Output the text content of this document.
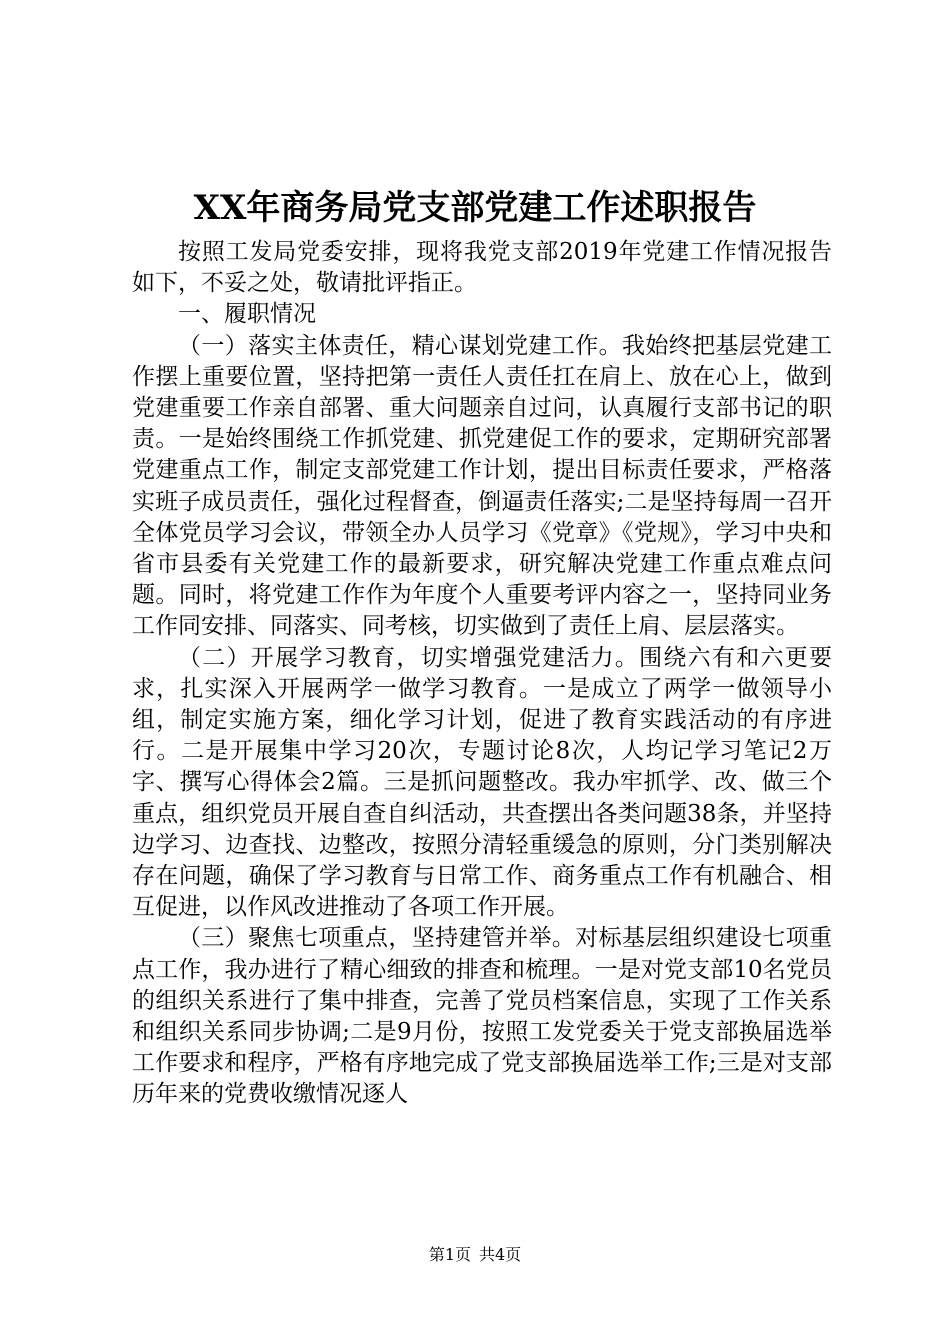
XX年商务局党支部党建工作述职报告

按照工发局党委安排，现将我党支部2019年党建工作情况报告如下，不妥之处，敬请批评指正。

一、履职情况

（一）落实主体责任，精心谋划党建工作。我始终把基层党建工作摆上重要位置，坚持把第一责任人责任扛在肩上、放在心上，做到党建重要工作亲自部署、重大问题亲自过问，认真履行支部书记的职责。一是始终围绕工作抓党建、抓党建促工作的要求，定期研究部署党建重点工作，制定支部党建工作计划，提出目标责任要求，严格落实班子成员责任，强化过程督查，倒逼责任落实;二是坚持每周一召开全体党员学习会议，带领全办人员学习《党章》《党规》，学习中央和省市县委有关党建工作的最新要求，研究解决党建工作重点难点问题。同时，将党建工作作为年度个人重要考评内容之一，坚持同业务工作同安排、同落实、同考核，切实做到了责任上肩、层层落实。

（二）开展学习教育，切实增强党建活力。围绕六有和六更要求，扎实深入开展两学一做学习教育。一是成立了两学一做领导小组，制定实施方案，细化学习计划，促进了教育实践活动的有序进行。二是开展集中学习20次，专题讨论8次，人均记学习笔记2万字、撰写心得体会2篇。三是抓问题整改。我办牢抓学、改、做三个重点，组织党员开展自查自纠活动，共查摆出各类问题38条，并坚持边学习、边查找、边整改，按照分清轻重缓急的原则，分门类别解决存在问题，确保了学习教育与日常工作、商务重点工作有机融合、相互促进，以作风改进推动了各项工作开展。

（三）聚焦七项重点，坚持建管并举。对标基层组织建设七项重点工作，我办进行了精心细致的排查和梳理。一是对党支部10名党员的组织关系进行了集中排查，完善了党员档案信息，实现了工作关系和组织关系同步协调;二是9月份，按照工发党委关于党支部换届选举工作要求和程序，严格有序地完成了党支部换届选举工作;三是对支部历年来的党费收缴情况逐人

第1页 共4页
